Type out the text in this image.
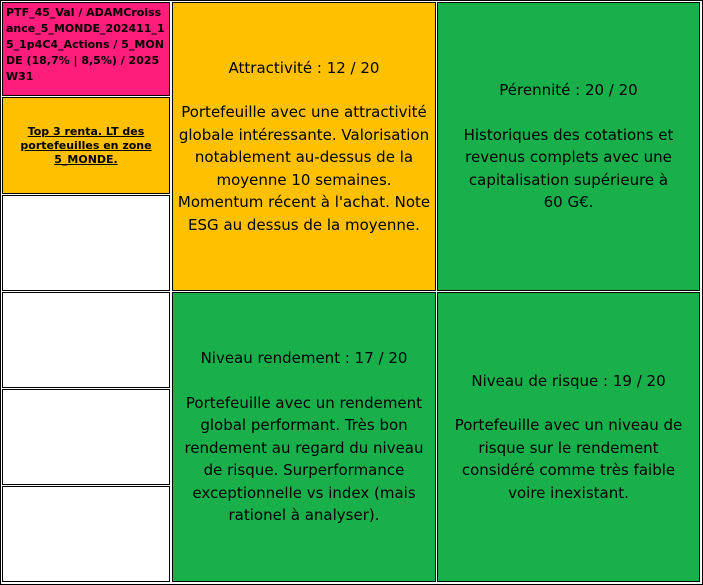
PTF_45_Val / ADAMCroissance_5_MONDE_202411_15_1p4C4_Actions / 5_MONDE (18,7% | 8,5%) / 2025W31
Top 3 renta. LT des portefeuilles en zone 5_MONDE.
Attractivité : 12 / 20
Portefeuille avec une attractivité globale intéressante. Valorisation notablement au-dessus de la moyenne 10 semaines. Momentum récent à l'achat. Note ESG au dessus de la moyenne.
Pérennité : 20 / 20
Historiques des cotations et revenus complets avec une capitalisation supérieure à 60 G€.
Niveau rendement : 17 / 20
Portefeuille avec un rendement global performant. Très bon rendement au regard du niveau de risque. Surperformance exceptionnelle vs index (mais rationel à analyser).
Niveau de risque : 19 / 20
Portefeuille avec un niveau de risque sur le rendement considéré comme très faible voire inexistant.
